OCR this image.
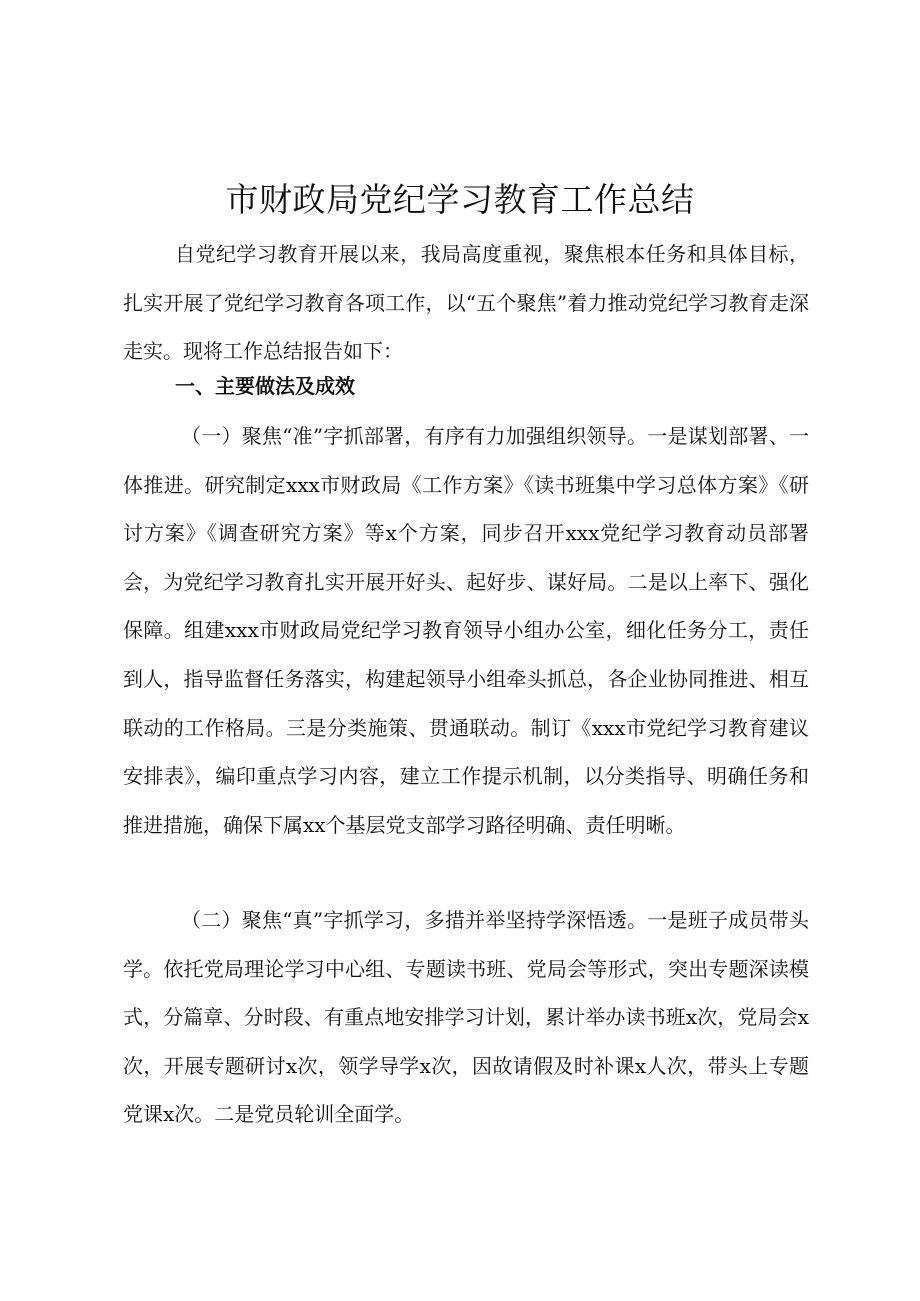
市财政局党纪学习教育工作总结

自党纪学习教育开展以来，我局高度重视，聚焦根本任务和具体目标，扎实开展了党纪学习教育各项工作，以“五个聚焦”着力推动党纪学习教育走深走实。现将工作总结报告如下：

一、主要做法及成效

（一）聚焦“准”字抓部署，有序有力加强组织领导。一是谋划部署、一体推进。研究制定xxx市财政局《工作方案》《读书班集中学习总体方案》《研讨方案》《调查研究方案》等x个方案，同步召开xxx党纪学习教育动员部署会，为党纪学习教育扎实开展开好头、起好步、谋好局。二是以上率下、强化保障。组建xxx市财政局党纪学习教育领导小组办公室，细化任务分工，责任到人，指导监督任务落实，构建起领导小组牵头抓总，各企业协同推进、相互联动的工作格局。三是分类施策、贯通联动。制订《xxx市党纪学习教育建议安排表》，编印重点学习内容，建立工作提示机制，以分类指导、明确任务和推进措施，确保下属xx个基层党支部学习路径明确、责任明晰。

（二）聚焦“真”字抓学习，多措并举坚持学深悟透。一是班子成员带头学。依托党局理论学习中心组、专题读书班、党局会等形式，突出专题深读模式，分篇章、分时段、有重点地安排学习计划，累计举办读书班x次，党局会x次，开展专题研讨x次，领学导学x次，因故请假及时补课x人次，带头上专题党课x次。二是党员轮训全面学。
